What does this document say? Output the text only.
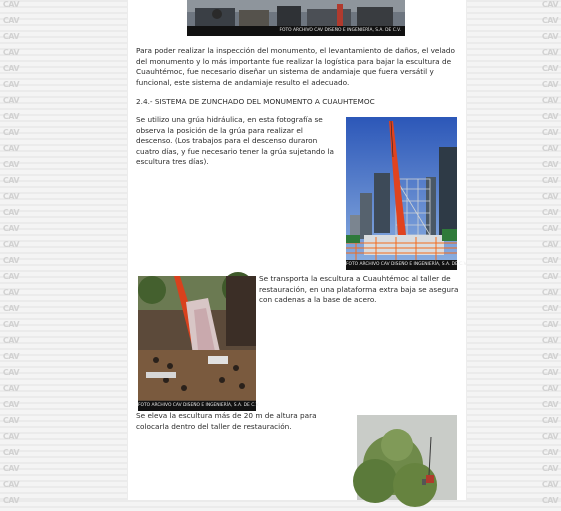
CAV
CAV
CAV
CAV
CAV
CAV
CAV
CAV
CAV
CAV
CAV
CAV
CAV
CAV
CAV
CAV
CAV
CAV
CAV
CAV
CAV
CAV
CAV
CAV
CAV
CAV
CAV
CAV
CAV
CAV
CAV
CAV
CAV
CAV
CAV
CAV
CAV
CAV
CAV
CAV
CAV
CAV
CAV
CAV
CAV
CAV
CAV
CAV
CAV
CAV
CAV
CAV
CAV
CAV
CAV
CAV
CAV
CAV
CAV
CAV
CAV
CAV
CAV
CAV
FOTO ARCHIVO CAV DISEÑO E INGENIERÍA, S.A. DE C.V.

Para poder realizar la inspección del monumento, el levantamiento de daños, el velado del monumento y lo más importante fue realizar la logística para bajar la escultura de Cuauhtémoc, fue necesario diseñar un sistema de andamiaje que fuera versátil y funcional, este sistema de andamiaje resulto el adecuado.

2.4.- SISTEMA DE ZUNCHADO DEL MONUMENTO A CUAUHTEMOC

Se utilizo una grúa hidráulica, en esta fotografía se observa la posición de la grúa para realizar el descenso. (Los trabajos para el descenso duraron cuatro días, y fue necesario tener la grúa sujetando la escultura tres días).

FOTO ARCHIVO CAV DISEÑO E INGENIERÍA, S.A. DE C.V.
FOTO ARCHIVO CAV DISEÑO E INGENIERÍA, S.A. DE C.V.

Se transporta la escultura a Cuauhtémoc al taller de restauración, en una plataforma extra baja se asegura con cadenas a la base de acero.

Se eleva la escultura más de 20 m de altura para colocarla dentro del taller de restauración.
